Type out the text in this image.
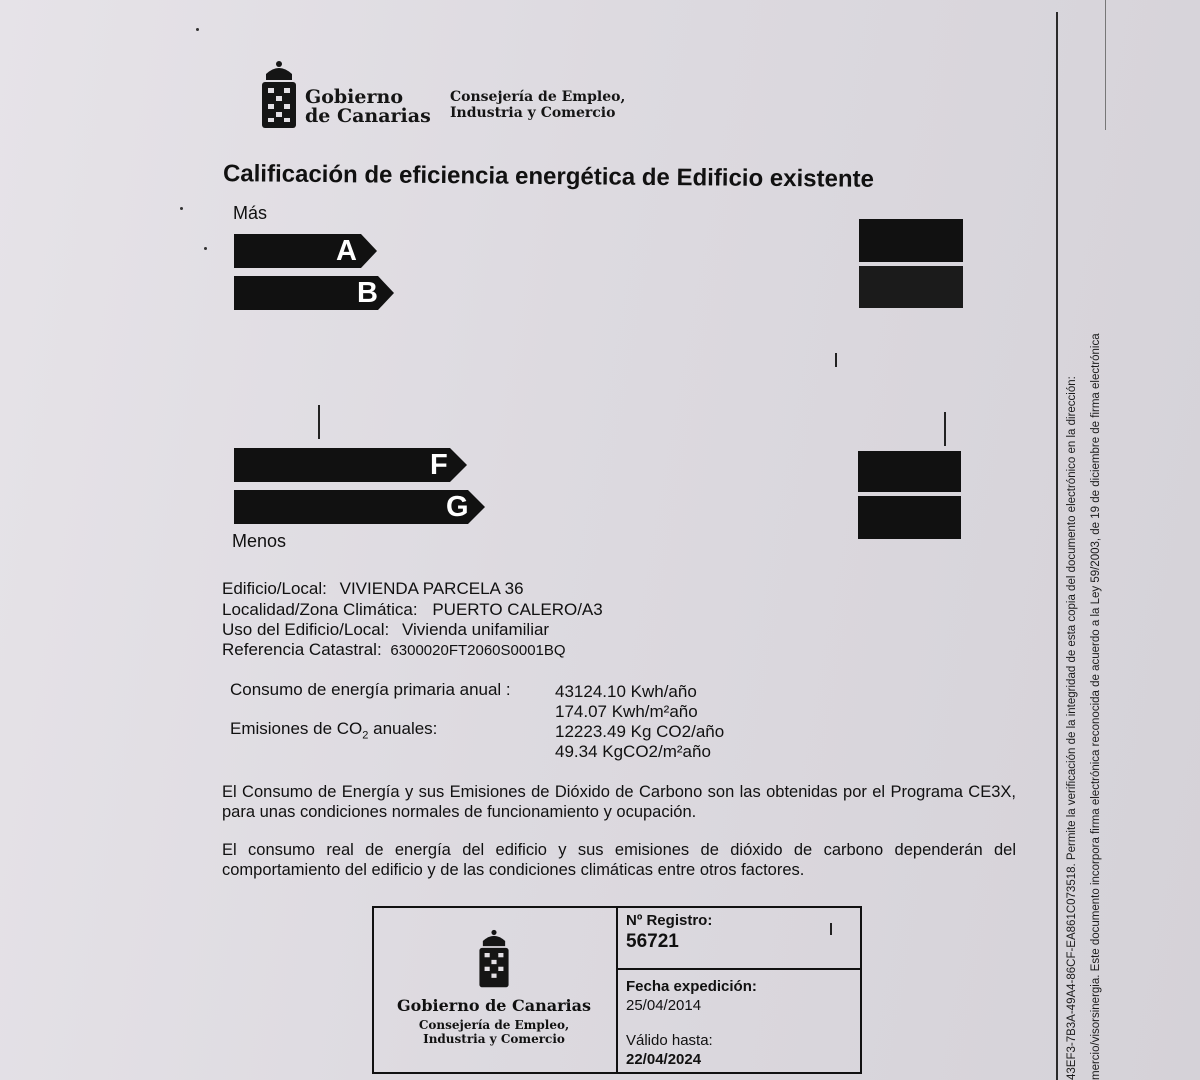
Gobierno
de Canarias
Consejería de Empleo,
Industria y Comercio
Calificación de eficiencia energética de Edificio existente
Más
A
B
F
G
Menos
Edificio/Local: VIVIENDA PARCELA 36
Localidad/Zona Climática: PUERTO CALERO/A3
Uso del Edificio/Local: Vivienda unifamiliar
Referencia Catastral: 6300020FT2060S0001BQ
Consumo de energía primaria anual :	43124.10 Kwh/año
174.07 Kwh/m²año
Emisiones de $CO_2$ anuales:	12223.49 Kg CO2/año
49.34 KgCO2/m²año
El Consumo de Energía y sus Emisiones de Dióxido de Carbono son las obtenidas por el Programa CE3X, para unas condiciones normales de funcionamiento y ocupación.
El consumo real de energía del edificio y sus emisiones de dióxido de carbono dependerán del comportamiento del edificio y de las condiciones climáticas entre otros factores.
Gobierno de Canarias
Consejería de Empleo,
Industria y Comercio
Nº Registro:
56721
Fecha expedición:
25/04/2014
Válido hasta:
22/04/2024	43EF3-7B3A-49A4-86CF-EA861C073518. Permite la verificación de la integridad de esta copia del documento electrónico en la dirección:
mercio/visorsinergia. Este documento incorpora firma electrónica reconocida de acuerdo a la Ley 59/2003, de 19 de diciembre de firma electrónica
